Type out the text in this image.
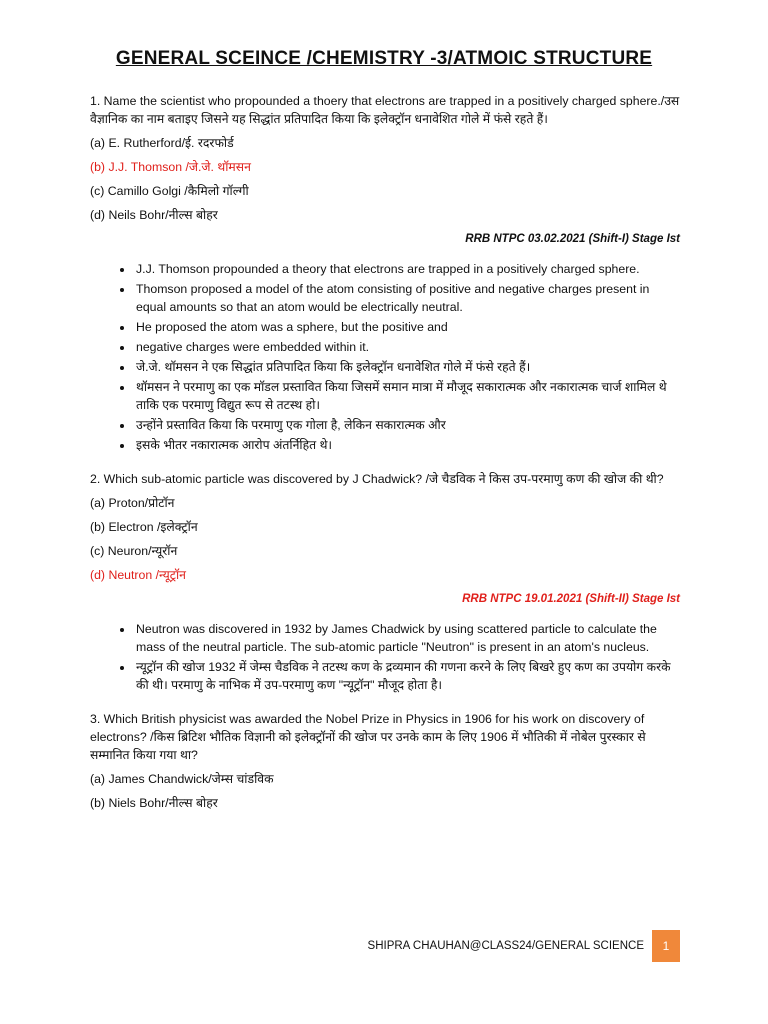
GENERAL SCEINCE /CHEMISTRY -3/ATMOIC STRUCTURE

1. Name the scientist who propounded a thoery that electrons are trapped in a positively charged sphere./उस वैज्ञानिक का नाम बताइए जिसने यह सिद्धांत प्रतिपादित किया कि इलेक्ट्रॉन धनावेशित गोले में फंसे रहते हैं।

(a) E. Rutherford/ई. रदरफोर्ड

(b) J.J. Thomson /जे.जे. थॉमसन

(c) Camillo Golgi /कैमिलो गॉल्गी

(d) Neils Bohr/नील्स बोहर

RRB NTPC 03.02.2021 (Shift-I) Stage Ist
• J.J. Thomson propounded a theory that electrons are trapped in a positively charged sphere.
• Thomson proposed a model of the atom consisting of positive and negative charges present in equal amounts so that an atom would be electrically neutral.
• He proposed the atom was a sphere, but the positive and
• negative charges were embedded within it.
• जे.जे. थॉमसन ने एक सिद्धांत प्रतिपादित किया कि इलेक्ट्रॉन धनावेशित गोले में फंसे रहते हैं।
• थॉमसन ने परमाणु का एक मॉडल प्रस्तावित किया जिसमें समान मात्रा में मौजूद सकारात्मक और नकारात्मक चार्ज शामिल थे ताकि एक परमाणु विद्युत रूप से तटस्थ हो।
• उन्होंने प्रस्तावित किया कि परमाणु एक गोला है, लेकिन सकारात्मक और
• इसके भीतर नकारात्मक आरोप अंतर्निहित थे।

2. Which sub-atomic particle was discovered by J Chadwick? /जे चैडविक ने किस उप-परमाणु कण की खोज की थी?

(a) Proton/प्रोटॉन

(b) Electron /इलेक्ट्रॉन

(c) Neuron/न्यूरॉन

(d) Neutron /न्यूट्रॉन

RRB NTPC 19.01.2021 (Shift-II) Stage Ist
• Neutron was discovered in 1932 by James Chadwick by using scattered particle to calculate the mass of the neutral particle. The sub-atomic particle "Neutron" is present in an atom's nucleus.
• न्यूट्रॉन की खोज 1932 में जेम्स चैडविक ने तटस्थ कण के द्रव्यमान की गणना करने के लिए बिखरे हुए कण का उपयोग करके की थी। परमाणु के नाभिक में उप-परमाणु कण "न्यूट्रॉन" मौजूद होता है।

3. Which British physicist was awarded the Nobel Prize in Physics in 1906 for his work on discovery of electrons? /किस ब्रिटिश भौतिक विज्ञानी को इलेक्ट्रॉनों की खोज पर उनके काम के लिए 1906 में भौतिकी में नोबेल पुरस्कार से सम्मानित किया गया था?

(a) James Chandwick/जेम्स चांडविक

(b) Niels Bohr/नील्स बोहर

SHIPRA CHAUHAN@CLASS24/GENERAL SCIENCE	1
